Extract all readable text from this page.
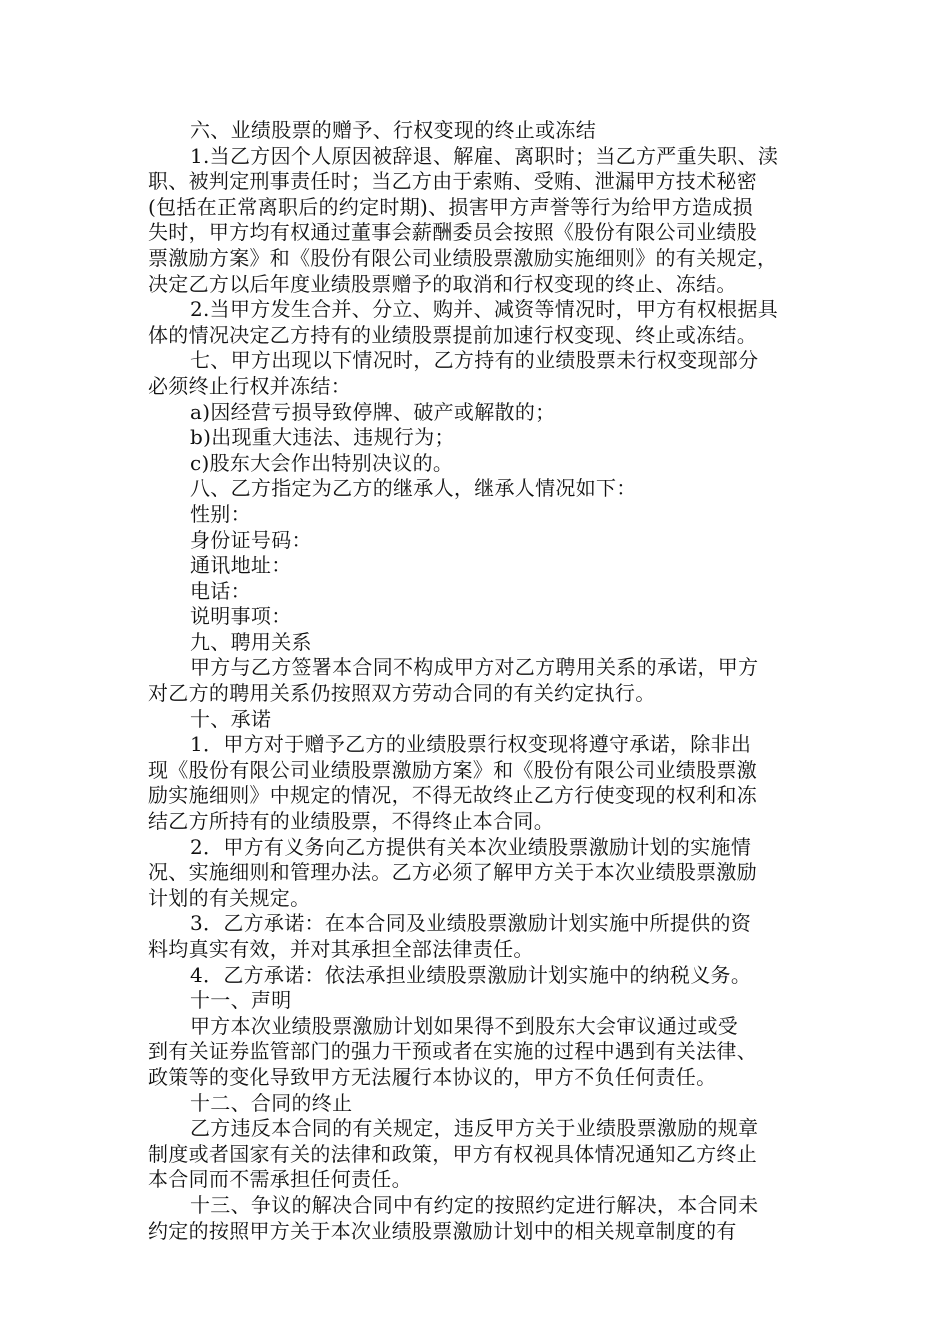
六、业绩股票的赠予、行权变现的终止或冻结
1.当乙方因个人原因被辞退、解雇、离职时；当乙方严重失职、渎
职、被判定刑事责任时；当乙方由于索贿、受贿、泄漏甲方技术秘密
(包括在正常离职后的约定时期)、损害甲方声誉等行为给甲方造成损
失时，甲方均有权通过董事会薪酬委员会按照《股份有限公司业绩股
票激励方案》和《股份有限公司业绩股票激励实施细则》的有关规定，
决定乙方以后年度业绩股票赠予的取消和行权变现的终止、冻结。
2.当甲方发生合并、分立、购并、减资等情况时，甲方有权根据具
体的情况决定乙方持有的业绩股票提前加速行权变现、终止或冻结。
七、甲方出现以下情况时，乙方持有的业绩股票未行权变现部分
必须终止行权并冻结：
a)因经营亏损导致停牌、破产或解散的；
b)出现重大违法、违规行为；
c)股东大会作出特别决议的。
八、乙方指定为乙方的继承人，继承人情况如下：
性别：
身份证号码：
通讯地址：
电话：
说明事项：
九、聘用关系
甲方与乙方签署本合同不构成甲方对乙方聘用关系的承诺，甲方
对乙方的聘用关系仍按照双方劳动合同的有关约定执行。
十、承诺
1．甲方对于赠予乙方的业绩股票行权变现将遵守承诺，除非出
现《股份有限公司业绩股票激励方案》和《股份有限公司业绩股票激
励实施细则》中规定的情况，不得无故终止乙方行使变现的权利和冻
结乙方所持有的业绩股票，不得终止本合同。
2．甲方有义务向乙方提供有关本次业绩股票激励计划的实施情
况、实施细则和管理办法。乙方必须了解甲方关于本次业绩股票激励
计划的有关规定。
3．乙方承诺：在本合同及业绩股票激励计划实施中所提供的资
料均真实有效，并对其承担全部法律责任。
4．乙方承诺：依法承担业绩股票激励计划实施中的纳税义务。
十一、声明
甲方本次业绩股票激励计划如果得不到股东大会审议通过或受
到有关证券监管部门的强力干预或者在实施的过程中遇到有关法律、
政策等的变化导致甲方无法履行本协议的，甲方不负任何责任。
十二、合同的终止
乙方违反本合同的有关规定，违反甲方关于业绩股票激励的规章
制度或者国家有关的法律和政策，甲方有权视具体情况通知乙方终止
本合同而不需承担任何责任。
十三、争议的解决合同中有约定的按照约定进行解决，本合同未
约定的按照甲方关于本次业绩股票激励计划中的相关规章制度的有
